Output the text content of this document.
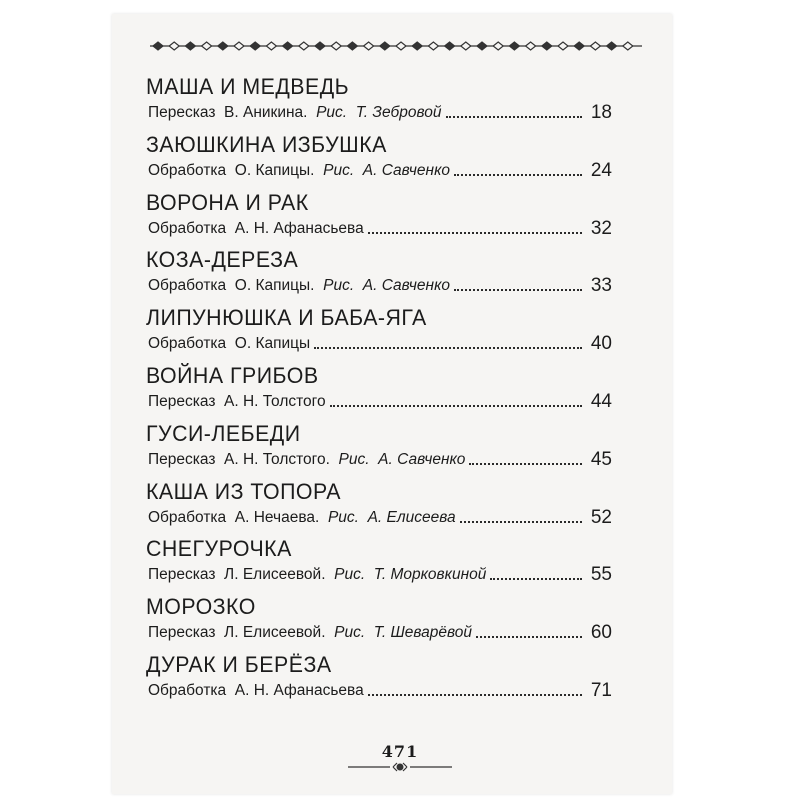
МАША И МЕДВЕДЬ
Пересказ  В. Аникина. Рис.  Т. Зебровой	18
ЗАЮШКИНА ИЗБУШКА
Обработка  О. Капицы. Рис.  А. Савченко	24
ВОРОНА И РАК
Обработка  А. Н. Афанасьева	32
КОЗА-ДЕРЕЗА
Обработка  О. Капицы. Рис.  А. Савченко	33
ЛИПУНЮШКА И БАБА-ЯГА
Обработка  О. Капицы	40
ВОЙНА ГРИБОВ
Пересказ  А. Н. Толстого	44
ГУСИ-ЛЕБЕДИ
Пересказ  А. Н. Толстого. Рис.  А. Савченко	45
КАША ИЗ ТОПОРА
Обработка  А. Нечаева. Рис.  А. Елисеева	52
СНЕГУРОЧКА
Пересказ  Л. Елисеевой. Рис.  Т. Морковкиной	55
МОРОЗКО
Пересказ  Л. Елисеевой. Рис.  Т. Шеварёвой	60
ДУРАК И БЕРЁЗА
Обработка  А. Н. Афанасьева	71
471
